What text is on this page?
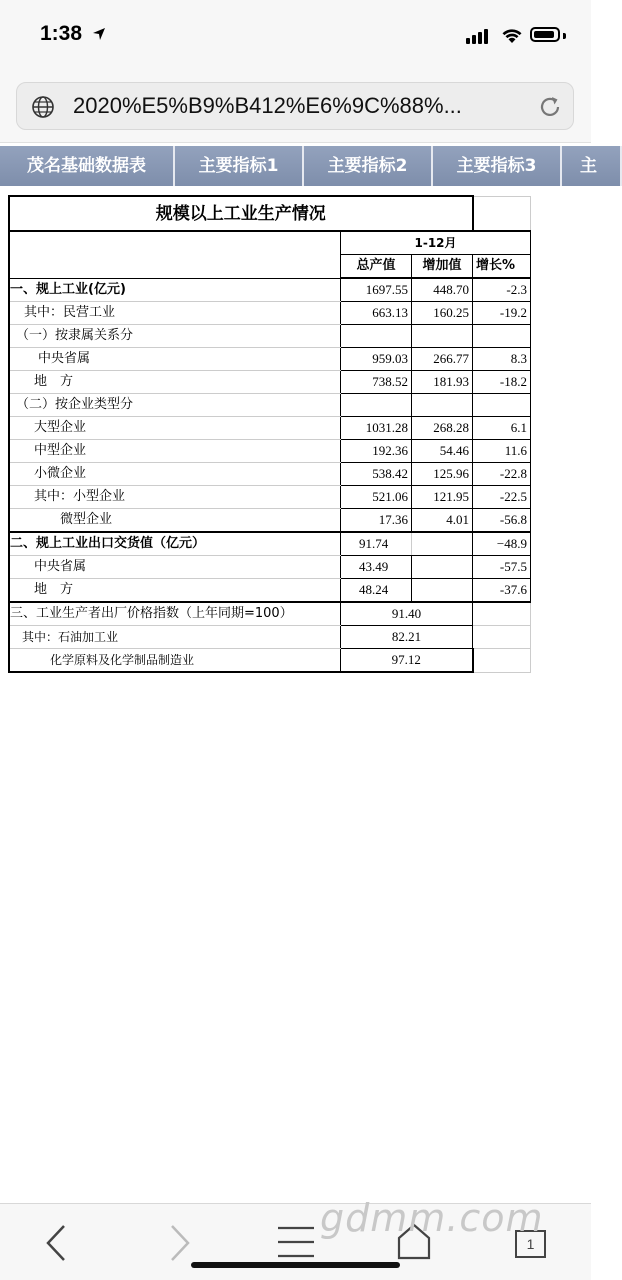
1:38
2020%E5%B9%B412%E6%9C%88%...
茂名基础数据表	主要指标1	主要指标2	主要指标3	主
规模以上工业生产情况			
	1-12月		
	总产值	增加值	增长%
一、规上工业(亿元)	1697.55	448.70	-2.3
其中：民营工业	663.13	160.25	-19.2
（一）按隶属关系分			
中央省属	959.03	266.77	8.3
地　方	738.52	181.93	-18.2
（二）按企业类型分			
大型企业	1031.28	268.28	6.1
中型企业	192.36	54.46	11.6
小微企业	538.42	125.96	-22.8
其中：小型企业	521.06	121.95	-22.5
微型企业	17.36	4.01	-56.8
二、规上工业出口交货值（亿元）	91.74		−48.9
中央省属	43.49		-57.5
地　方	48.24		-37.6
三、工业生产者出厂价格指数（上年同期=100）	91.40		
其中：石油加工业	82.21		
化学原料及化学制品制造业	97.12		
1
gdmm.com
